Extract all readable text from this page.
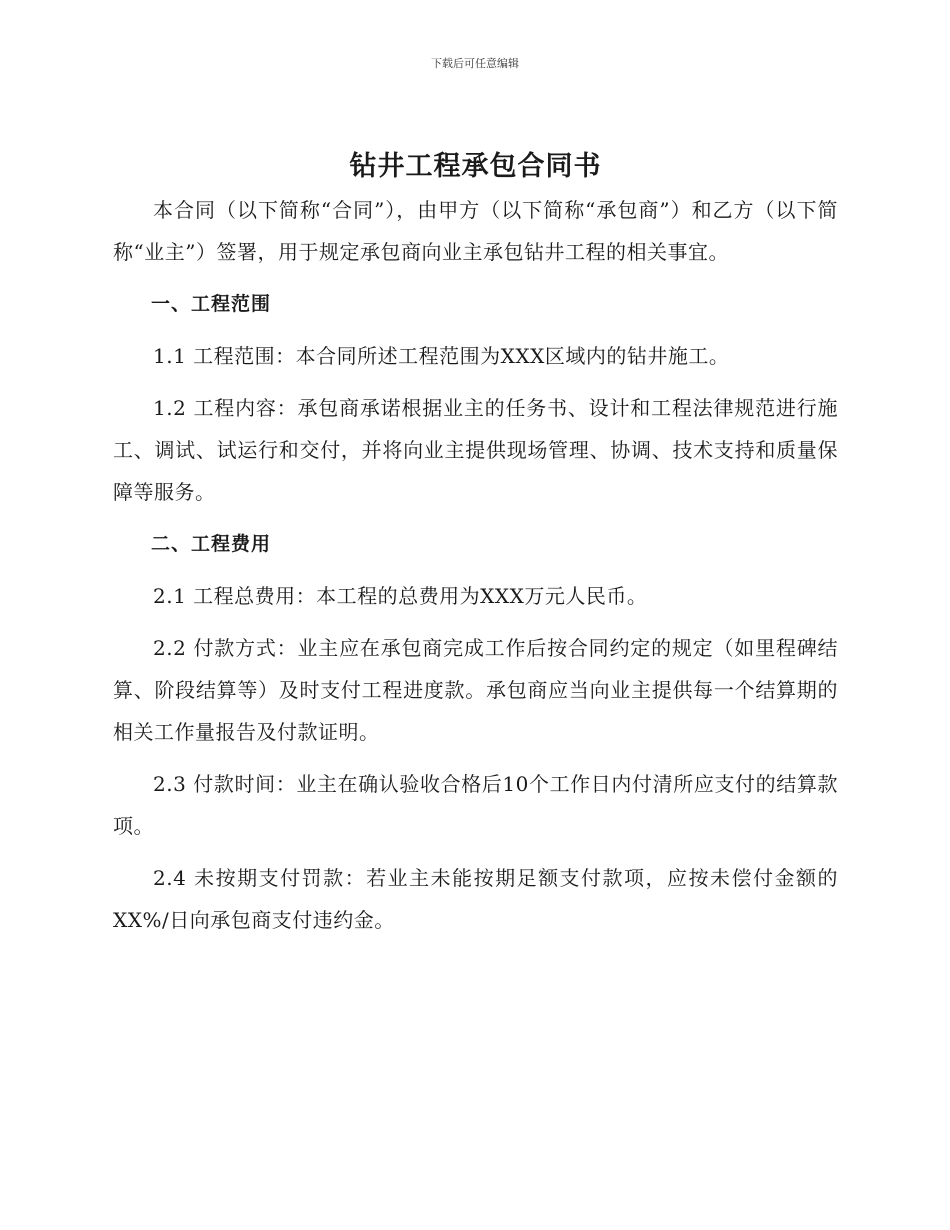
下载后可任意编辑
钻井工程承包合同书

本合同（以下简称“合同”），由甲方（以下简称“承包商”）和乙方（以下简称“业主”）签署，用于规定承包商向业主承包钻井工程的相关事宜。

一、工程范围

1.1 工程范围：本合同所述工程范围为XXX区域内的钻井施工。

1.2 工程内容：承包商承诺根据业主的任务书、设计和工程法律规范进行施工、调试、试运行和交付，并将向业主提供现场管理、协调、技术支持和质量保障等服务。

二、工程费用

2.1 工程总费用：本工程的总费用为XXX万元人民币。

2.2 付款方式：业主应在承包商完成工作后按合同约定的规定（如里程碑结算、阶段结算等）及时支付工程进度款。承包商应当向业主提供每一个结算期的相关工作量报告及付款证明。

2.3 付款时间：业主在确认验收合格后10个工作日内付清所应支付的结算款项。

2.4 未按期支付罚款：若业主未能按期足额支付款项，应按未偿付金额的XX%/日向承包商支付违约金。
